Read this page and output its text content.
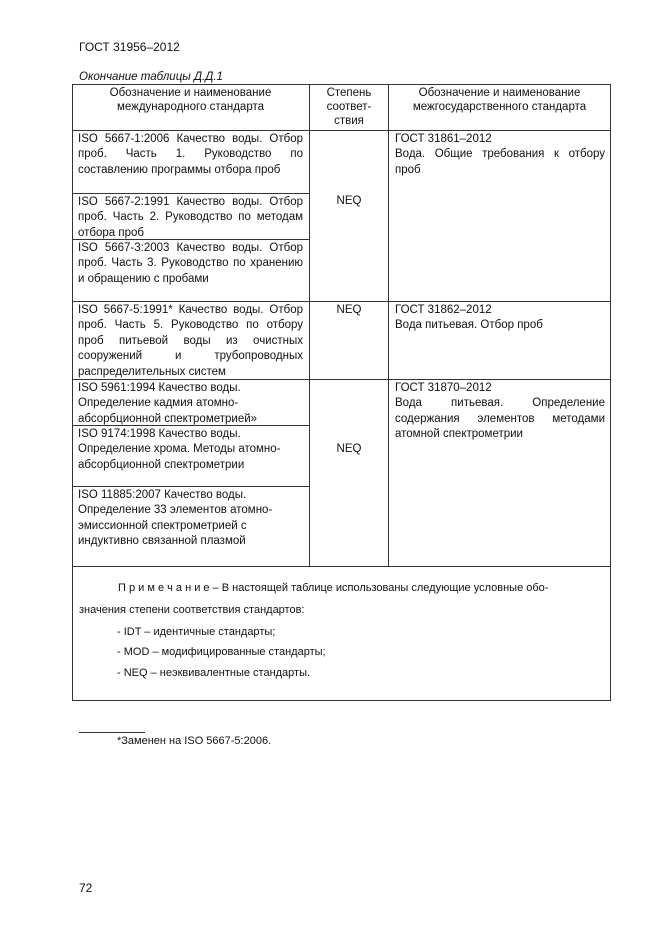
ГОСТ 31956–2012
Окончание таблицы Д.Д.1
Обозначение и наименование
международного стандарта
Степень
соответ-
ствия
Обозначение и наименование
межгосударственного стандарта
ISO 5667-1:2006 Качество воды. Отбор проб. Часть 1. Руководство по составлению программы отбора проб
ISO 5667-2:1991 Качество воды. Отбор проб. Часть 2. Руководство по методам отбора проб
ISO 5667-3:2003 Качество воды. Отбор проб. Часть 3. Руководство по хранению и обращению с пробами
NEQ
ГОСТ 31861–2012
Вода. Общие требования к отбору проб
ISO 5667-5:1991* Качество воды. Отбор проб. Часть 5. Руководство по отбору проб питьевой воды из очистных сооружений и трубопроводных распределительных систем
NEQ	ГОСТ 31862–2012
Вода питьевая. Отбор проб
ISO 5961:1994 Качество воды. Определение кадмия атомно-абсорбционной спектрометрией»
ISO 9174:1998 Качество воды. Определение хрома. Методы атомно-абсорбционной спектрометрии
ISO 11885:2007 Качество воды. Определение 33 элементов атомно-эмиссионной спектрометрией с индуктивно связанной плазмой
NEQ
ГОСТ 31870–2012
Вода питьевая. Определение содержания элементов методами атомной спектрометрии
П р и м е ч а н и е – В настоящей таблице использованы следующие условные обо-
значения степени соответствия стандартов:
- IDT – идентичные стандарты;
- MOD – модифицированные стандарты;
- NEQ – неэквивалентные стандарты.
*Заменен на ISO 5667-5:2006.
72
